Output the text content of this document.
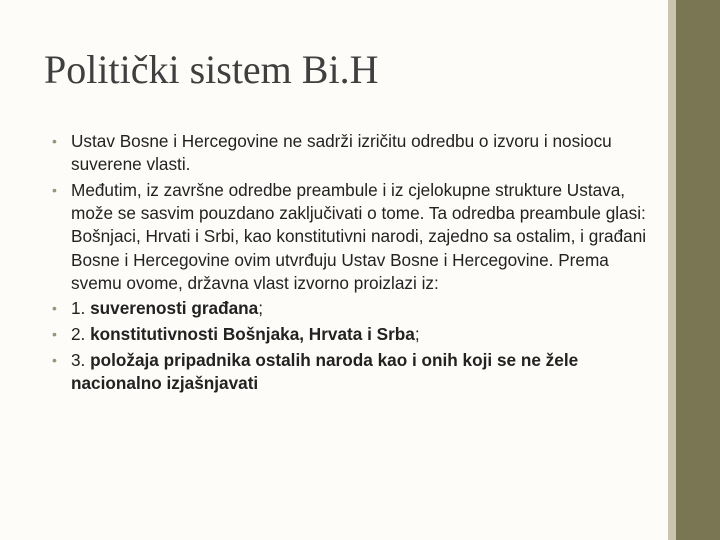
Politički sistem Bi.H
• Ustav Bosne i Hercegovine ne sadrži izričitu odredbu o izvoru i nosiocu suverene vlasti.
• Međutim, iz završne odredbe preambule i iz cjelokupne strukture Ustava, može se sasvim pouzdano zaključivati o tome. Ta odredba preambule glasi: Bošnjaci, Hrvati i Srbi, kao konstitutivni narodi, zajedno sa ostalim, i građani Bosne i Hercegovine ovim utvrđuju Ustav Bosne i Hercegovine. Prema svemu ovome, državna vlast izvorno proizlazi iz:
• 1. suverenosti građana;
• 2. konstitutivnosti Bošnjaka, Hrvata i Srba;
• 3. položaja pripadnika ostalih naroda kao i onih koji se ne žele nacionalno izjašnjavati
